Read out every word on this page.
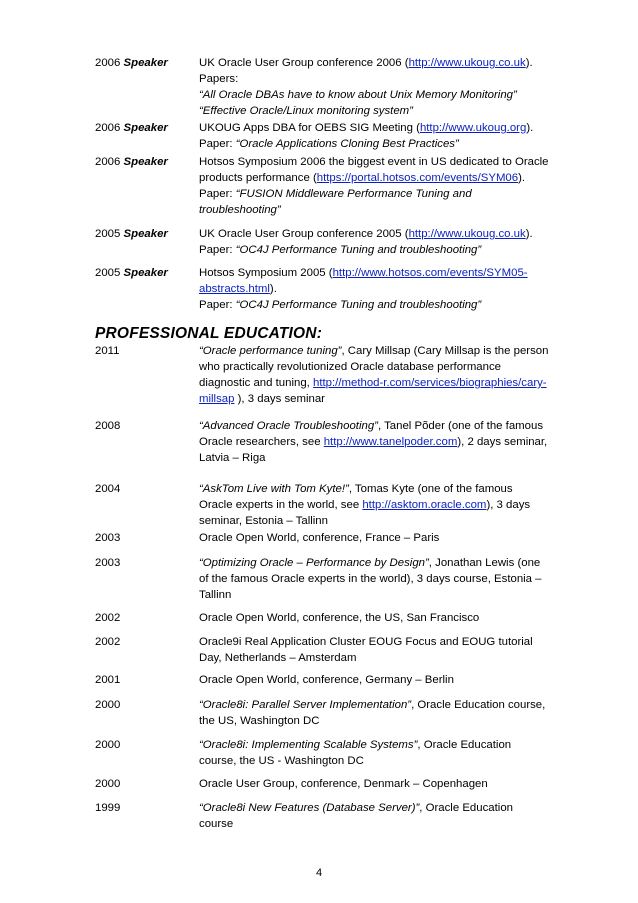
2006 Speaker	UK Oracle User Group conference 2006 (http://www.ukoug.co.uk).
Papers:
“All Oracle DBAs have to know about Unix Memory Monitoring”
“Effective Oracle/Linux monitoring system”
2006 Speaker	UKOUG Apps DBA for OEBS SIG Meeting (http://www.ukoug.org).
Paper: “Oracle Applications Cloning Best Practices”
2006 Speaker	Hotsos Symposium 2006 the biggest event in US dedicated to Oracle
products performance (https://portal.hotsos.com/events/SYM06).
Paper: “FUSION Middleware Performance Tuning and
troubleshooting”
2005 Speaker	UK Oracle User Group conference 2005 (http://www.ukoug.co.uk).
Paper: “OC4J Performance Tuning and troubleshooting”
2005 Speaker	Hotsos Symposium 2005 (http://www.hotsos.com/events/SYM05-
abstracts.html).
Paper: “OC4J Performance Tuning and troubleshooting”
PROFESSIONAL EDUCATION:
2011	“Oracle performance tuning”, Cary Millsap (Cary Millsap is the person
who practically revolutionized Oracle database performance
diagnostic and tuning, http://method-r.com/services/biographies/cary-
millsap ), 3 days seminar
2008	“Advanced Oracle Troubleshooting”, Tanel Põder (one of the famous
Oracle researchers, see http://www.tanelpoder.com), 2 days seminar,
Latvia – Riga
2004	“AskTom Live with Tom Kyte!”, Tomas Kyte (one of the famous
Oracle experts in the world, see http://asktom.oracle.com), 3 days
seminar, Estonia – Tallinn
2003	Oracle Open World, conference, France – Paris
2003	“Optimizing Oracle – Performance by Design”, Jonathan Lewis (one
of the famous Oracle experts in the world), 3 days course, Estonia –
Tallinn
2002	Oracle Open World, conference, the US, San Francisco
2002	Oracle9i Real Application Cluster EOUG Focus and EOUG tutorial
Day, Netherlands – Amsterdam
2001	Oracle Open World, conference, Germany – Berlin
2000	“Oracle8i: Parallel Server Implementation”, Oracle Education course,
the US, Washington DC
2000	“Oracle8i: Implementing Scalable Systems”, Oracle Education
course, the US - Washington DC
2000	Oracle User Group, conference, Denmark – Copenhagen
1999	“Oracle8i New Features (Database Server)”, Oracle Education
course
4
